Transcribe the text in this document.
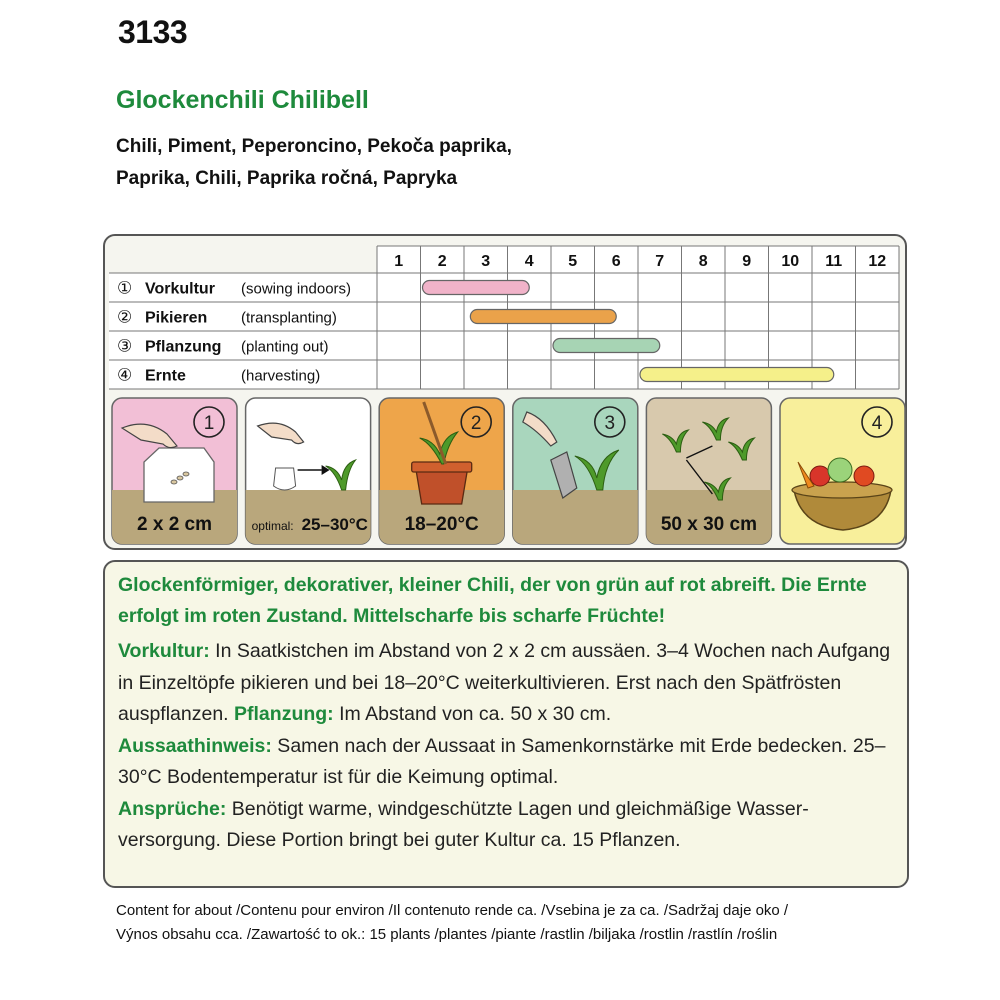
3133
Glockenchili Chilibell
Chili, Piment, Peperoncino, Pekoča paprika,
Paprika, Chili, Paprika ročná, Papryka
1 2 3 4 5 6 7 8 9 10 11 12
① Vorkultur (sowing indoors)
② Pikieren (transplanting)
③ Pflanzung (planting out)
④ Ernte	(harvesting)
1
2 x 2 cm	optimal: 25–30°C
2
18–20°C
3
50 x 30 cm
4

Glockenförmiger, dekorativer, kleiner Chili, der von grün auf rot abreift. Die Ernte erfolgt im roten Zustand. Mittelscharfe bis scharfe Früchte!

Vorkultur: In Saatkistchen im Abstand von 2 x 2 cm aussäen. 3–4 Wochen nach Aufgang in Einzeltöpfe pikieren und bei 18–20°C weiterkultivieren. Erst nach den Spätfrösten auspflanzen. Pflanzung: Im Abstand von ca. 50 x 30 cm.

Aussaathinweis: Samen nach der Aussaat in Samenkornstärke mit Erde bedecken. 25–30°C Bodentemperatur ist für die Keimung optimal.

Ansprüche: Benötigt warme, windgeschützte Lagen und gleichmäßige Wasserversorgung. Diese Portion bringt bei guter Kultur ca. 15 Pflanzen.

Content for about /Contenu pour environ /Il contenuto rende ca. /Vsebina je za ca. /Sadržaj daje oko /
Výnos obsahu cca. /Zawartość to ok.: 15 plants /plantes /piante /rastlin /biljaka /rostlin /rastlín /roślin
